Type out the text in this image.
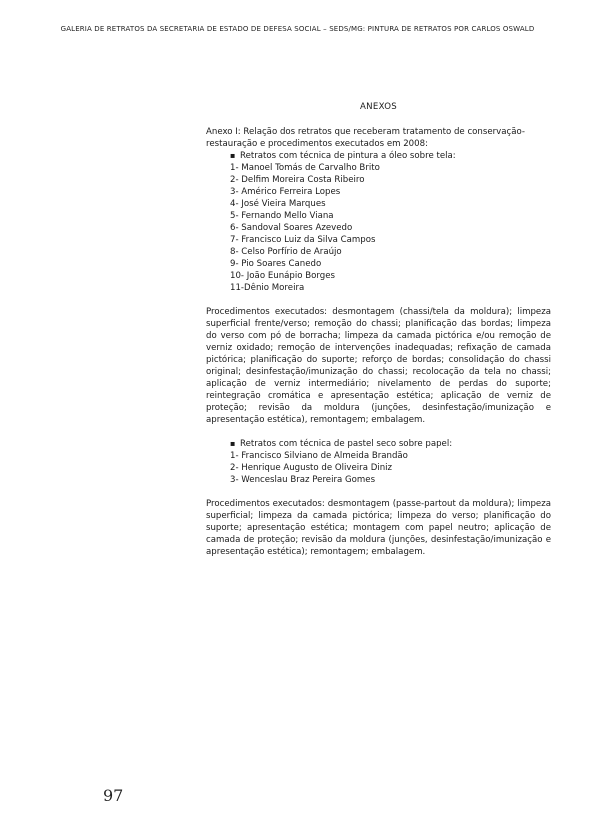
GALERIA DE RETRATOS DA SECRETARIA DE ESTADO DE DEFESA SOCIAL – SEDS/MG: PINTURA DE RETRATOS POR CARLOS OSWALD

ANEXOS

Anexo I: Relação dos retratos que receberam tratamento de conservação-restauração e procedimentos executados em 2008:

▪ Retratos com técnica de pintura a óleo sobre tela:
1- Manoel Tomás de Carvalho Brito
2- Delfim Moreira Costa Ribeiro
3- Américo Ferreira Lopes
4- José Vieira Marques
5- Fernando Mello Viana
6- Sandoval Soares Azevedo
7- Francisco Luiz da Silva Campos
8- Celso Porfírio de Araújo
9- Pio Soares Canedo
10- João Eunápio Borges
11-Dênio Moreira

Procedimentos executados: desmontagem (chassi/tela da moldura); limpeza superficial frente/verso; remoção do chassi; planificação das bordas; limpeza do verso com pó de borracha; limpeza da camada pictórica e/ou remoção de verniz oxidado; remoção de intervenções inadequadas; refixação de camada pictórica; planificação do suporte; reforço de bordas; consolidação do chassi original; desinfestação/imunização do chassi; recolocação da tela no chassi; aplicação de verniz intermediário; nivelamento de perdas do suporte; reintegração cromática e apresentação estética; aplicação de verniz de proteção; revisão da moldura (junções, desinfestação/imunização e apresentação estética), remontagem; embalagem.

▪ Retratos com técnica de pastel seco sobre papel:
1- Francisco Silviano de Almeida Brandão
2- Henrique Augusto de Oliveira Diniz
3- Wenceslau Braz Pereira Gomes

Procedimentos executados: desmontagem (passe-partout da moldura); limpeza superficial; limpeza da camada pictórica; limpeza do verso; planificação do suporte; apresentação estética; montagem com papel neutro; aplicação de camada de proteção; revisão da moldura (junções, desinfestação/imunização e apresentação estética); remontagem; embalagem.

97
